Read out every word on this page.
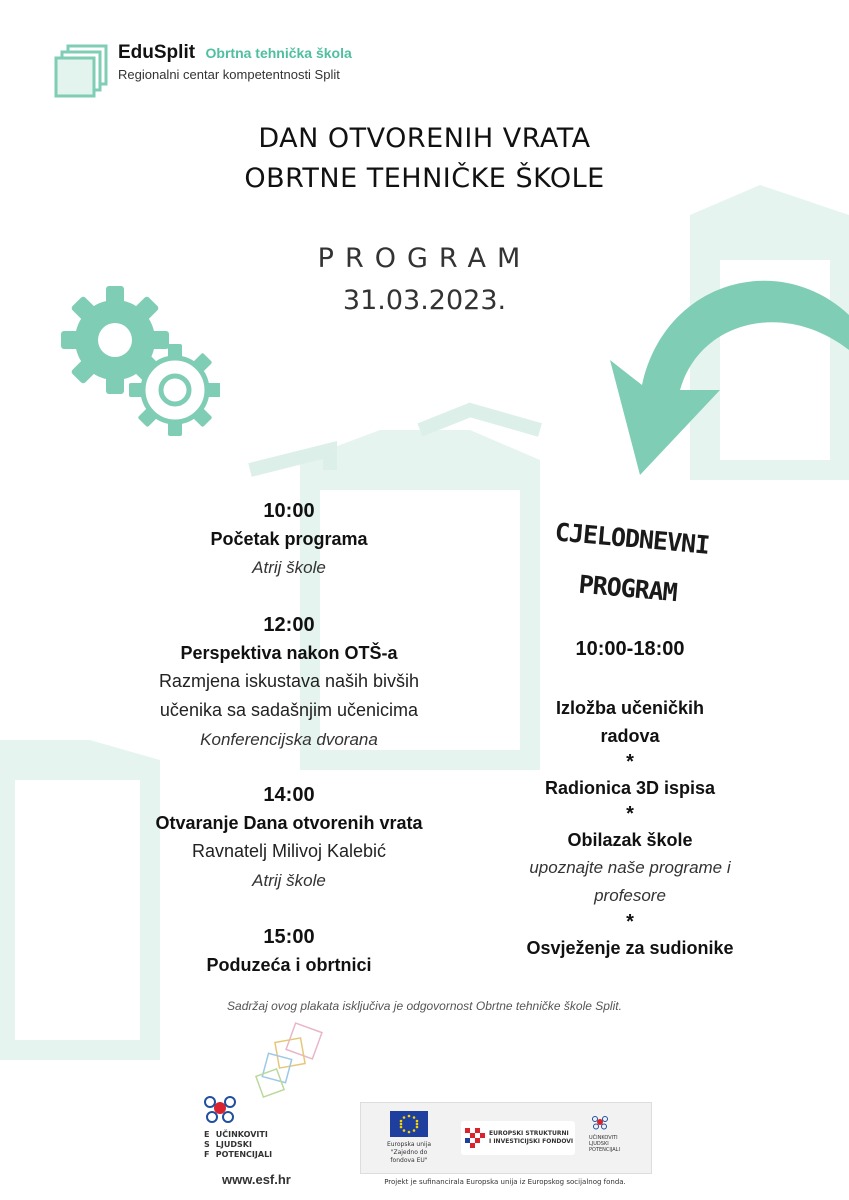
EduSplit Obrtna tehnička škola
Regionalni centar kompetentnosti Split
DAN OTVORENIH VRATA
OBRTNE TEHNIČKE ŠKOLE
PROGRAM
31.03.2023.
10:00
Početak programa
Atrij škole
12:00
Perspektiva nakon OTŠ-a
Razmjena iskustava naših bivših učenika sa sadašnjim učenicima
Konferencijska dvorana
14:00
Otvaranje Dana otvorenih vrata
Ravnatelj Milivoj Kalebić
Atrij škole
15:00
Poduzeća i obrtnici
CJELODNEVNI
PROGRAM
10:00-18:00
Izložba učeničkih radova
*
Radionica 3D ispisa
*
Obilazak škole
upoznajte naše programe i profesore
*
Osvježenje za sudionike
Sadržaj ovog plakata isključiva je odgovornost Obrtne tehničke škole Split.
E
S
F
UČINKOVITI
LJUDSKI
POTENCIJALI
www.esf.hr
Europska unija
"Zajedno do fondova EU"
EUROPSKI STRUKTURNI
I INVESTICIJSKI FONDOVI	UČINKOVITI
LJUDSKI
POTENCIJALI
Projekt je sufinancirala Europska unija iz Europskog socijalnog fonda.
